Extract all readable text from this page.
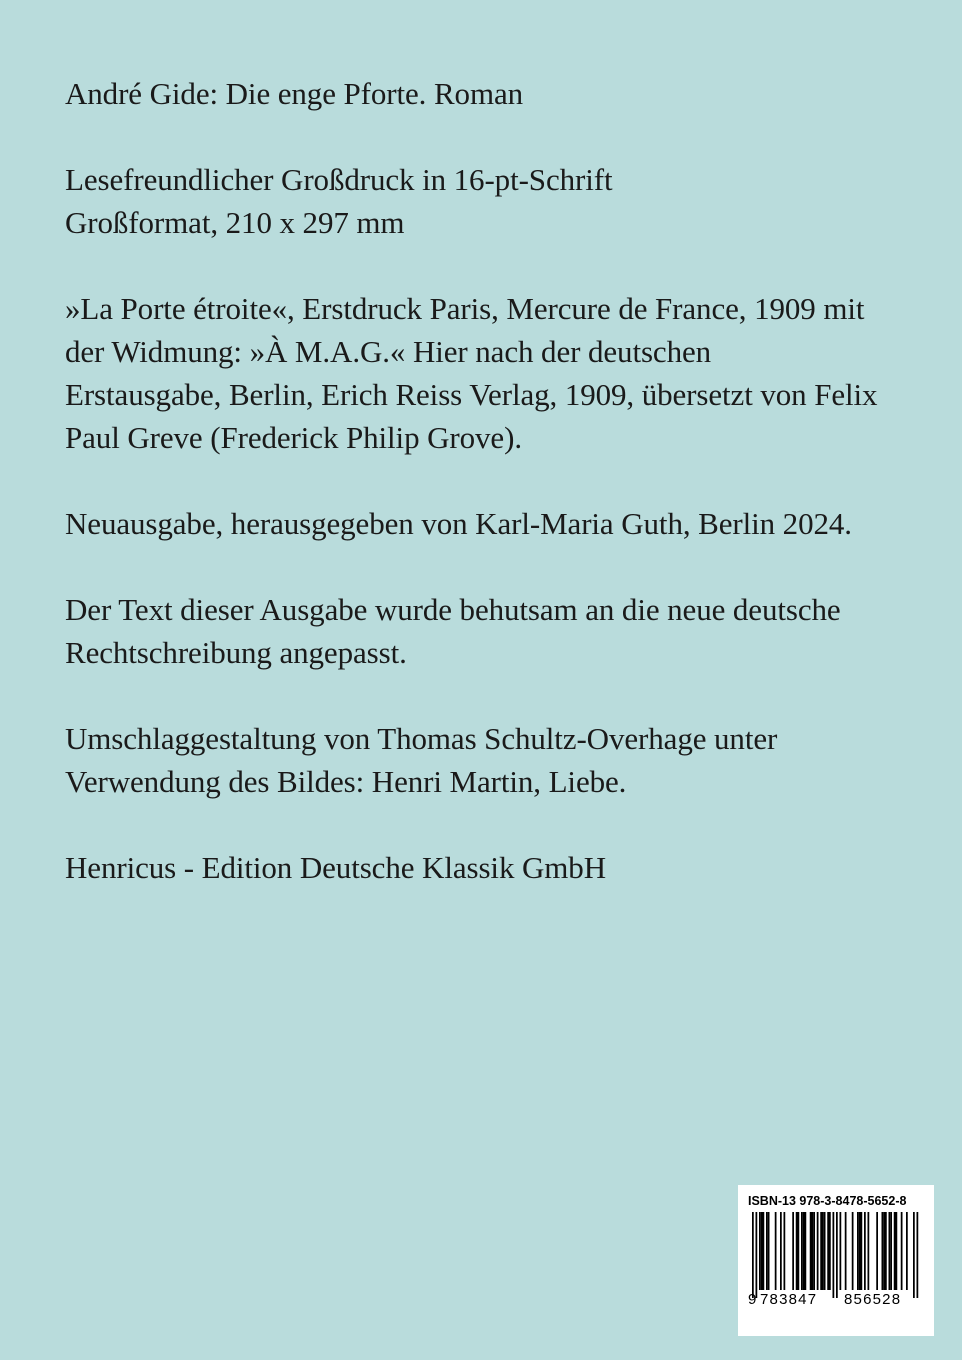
André Gide: Die enge Pforte. Roman

Lesefreundlicher Großdruck in 16-pt-Schrift
Großformat, 210 x 297 mm

»La Porte étroite«, Erstdruck Paris, Mercure de France, 1909 mit
der Widmung: »À M.A.G.« Hier nach der deutschen
Erstausgabe, Berlin, Erich Reiss Verlag, 1909, übersetzt von Felix
Paul Greve (Frederick Philip Grove).

Neuausgabe, herausgegeben von Karl-Maria Guth, Berlin 2024.

Der Text dieser Ausgabe wurde behutsam an die neue deutsche
Rechtschreibung angepasst.

Umschlaggestaltung von Thomas Schultz-Overhage unter
Verwendung des Bildes: Henri Martin, Liebe.

Henricus - Edition Deutsche Klassik GmbH

ISBN-13 978-3-8478-5652-8
9 783847 856528
